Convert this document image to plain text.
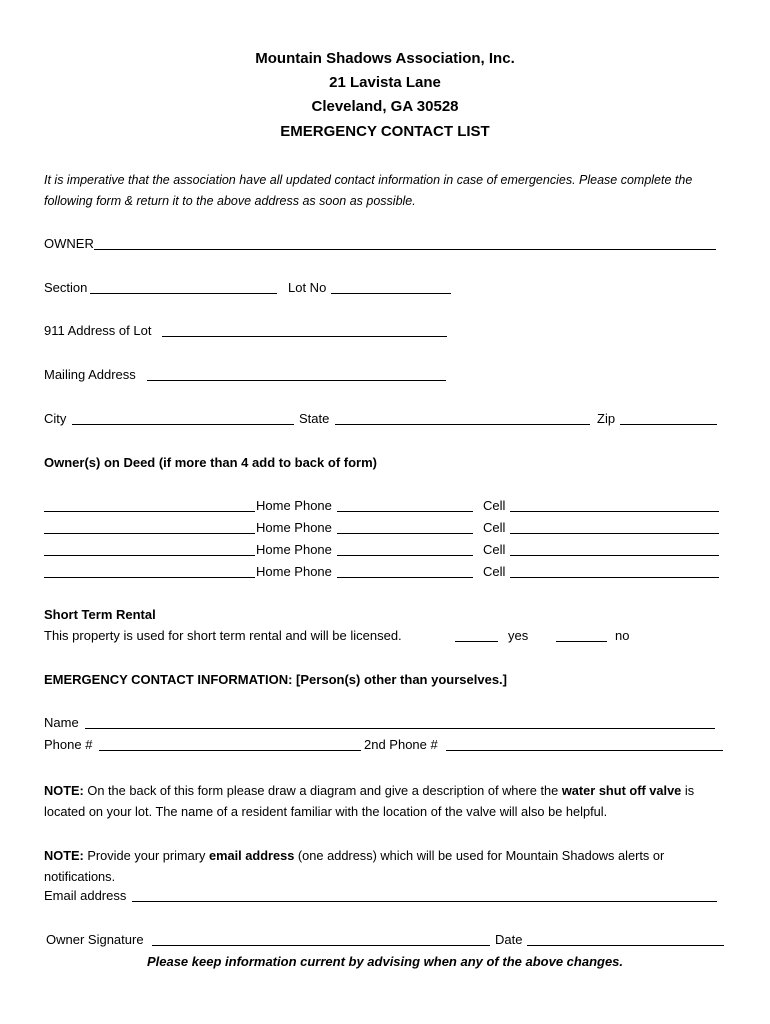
Mountain Shadows Association, Inc.
21 Lavista Lane
Cleveland, GA 30528
EMERGENCY CONTACT LIST
It is imperative that the association have all updated contact information in case of emergencies. Please complete the following form & return it to the above address as soon as possible.
OWNER
Section	Lot No
911 Address of Lot
Mailing Address
City	State	Zip
Owner(s) on Deed (if more than 4 add to back of form)
Home Phone	Cell
Home Phone	Cell
Home Phone	Cell
Home Phone	Cell
Short Term Rental
This property is used for short term rental and will be licensed.	yes	no
EMERGENCY CONTACT INFORMATION: [Person(s) other than yourselves.]
Name
Phone #	2nd Phone #
NOTE: On the back of this form please draw a diagram and give a description of where the water shut off valve is located on your lot. The name of a resident familiar with the location of the valve will also be helpful.
NOTE: Provide your primary email address (one address) which will be used for Mountain Shadows alerts or notifications.
Email address
Owner Signature	Date
Please keep information current by advising when any of the above changes.
